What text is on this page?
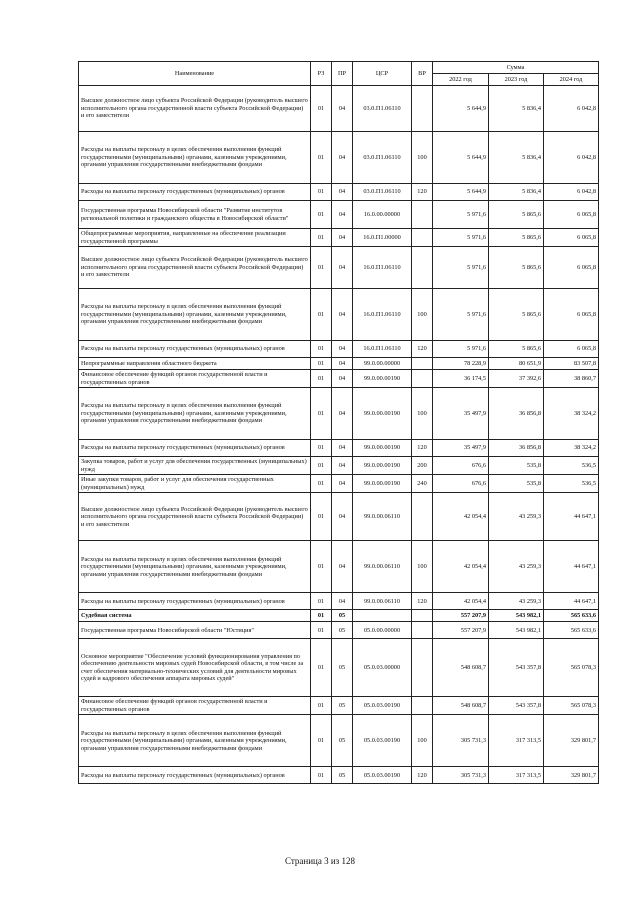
Наименование	РЗ	ПР	ЦСР	ВР	Сумма		
					2022 год	2023 год	2024 год
Высшее должностное лицо субъекта Российской Федерации (руководитель высшего исполнительного органа государственной власти субъекта Российской Федерации) и его заместители	01	04	03.0.П1.06110		5 644,9	5 836,4	6 042,8
Расходы на выплаты персоналу в целях обеспечения выполнения функций государственными (муниципальными) органами, казенными учреждениями, органами управления государственными внебюджетными фондами	01	04	03.0.П1.06110	100	5 644,9	5 836,4	6 042,8
Расходы на выплаты персоналу государственных (муниципальных) органов	01	04	03.0.П1.06110	120	5 644,9	5 836,4	6 042,8
Государственная программа Новосибирской области "Развитие институтов региональной политики и гражданского общества в Новосибирской области"	01	04	16.0.00.00000		5 971,6	5 865,6	6 065,8
Общепрограммные мероприятия, направленные на обеспечение реализации государственной программы	01	04	16.0.П1.00000		5 971,6	5 865,6	6 065,8
Высшее должностное лицо субъекта Российской Федерации (руководитель высшего исполнительного органа государственной власти субъекта Российской Федерации) и его заместители	01	04	16.0.П1.06110		5 971,6	5 865,6	6 065,8
Расходы на выплаты персоналу в целях обеспечения выполнения функций государственными (муниципальными) органами, казенными учреждениями, органами управления государственными внебюджетными фондами	01	04	16.0.П1.06110	100	5 971,6	5 865,6	6 065,8
Расходы на выплаты персоналу государственных (муниципальных) органов	01	04	16.0.П1.06110	120	5 971,6	5 865,6	6 065,8
Непрограммные направления областного бюджета	01	04	99.0.00.00000		78 228,9	80 651,9	83 507,8
Финансовое обеспечение функций органов государственной власти и государственных органов	01	04	99.0.00.00190		36 174,5	37 392,6	38 860,7
Расходы на выплаты персоналу в целях обеспечения выполнения функций государственными (муниципальными) органами, казенными учреждениями, органами управления государственными внебюджетными фондами	01	04	99.0.00.00190	100	35 497,9	36 856,8	38 324,2
Расходы на выплаты персоналу государственных (муниципальных) органов	01	04	99.0.00.00190	120	35 497,9	36 856,8	38 324,2
Закупка товаров, работ и услуг для обеспечения государственных (муниципальных) нужд	01	04	99.0.00.00190	200	676,6	535,8	536,5
Иные закупки товаров, работ и услуг для обеспечения государственных (муниципальных) нужд	01	04	99.0.00.00190	240	676,6	535,8	536,5
Высшее должностное лицо субъекта Российской Федерации (руководитель высшего исполнительного органа государственной власти субъекта Российской Федерации) и его заместители	01	04	99.0.00.06110		42 054,4	43 259,3	44 647,1
Расходы на выплаты персоналу в целях обеспечения выполнения функций государственными (муниципальными) органами, казенными учреждениями, органами управления государственными внебюджетными фондами	01	04	99.0.00.06110	100	42 054,4	43 259,3	44 647,1
Расходы на выплаты персоналу государственных (муниципальных) органов	01	04	99.0.00.06110	120	42 054,4	43 259,3	44 647,1
Судебная система	01	05			557 207,9	543 982,1	565 633,6
Государственная программа Новосибирской области "Юстиция"	01	05	05.0.00.00000		557 207,9	543 982,1	565 633,6
Основное мероприятие "Обеспечение условий функционирования управления по обеспечению деятельности мировых судей Новосибирской области, в том числе за счет обеспечения материально-технических условий для деятельности мировых судей и кадрового обеспечения аппарата мировых судей"	01	05	05.0.03.00000		548 608,7	543 357,8	565 078,3
Финансовое обеспечение функций органов государственной власти и государственных органов	01	05	05.0.03.00190		548 608,7	543 357,8	565 078,3
Расходы на выплаты персоналу в целях обеспечения выполнения функций государственными (муниципальными) органами, казенными учреждениями, органами управления государственными внебюджетными фондами	01	05	05.0.03.00190	100	305 731,3	317 313,5	329 801,7
Расходы на выплаты персоналу государственных (муниципальных) органов	01	05	05.0.03.00190	120	305 731,3	317 313,5	329 801,7
Страница 3 из 128
